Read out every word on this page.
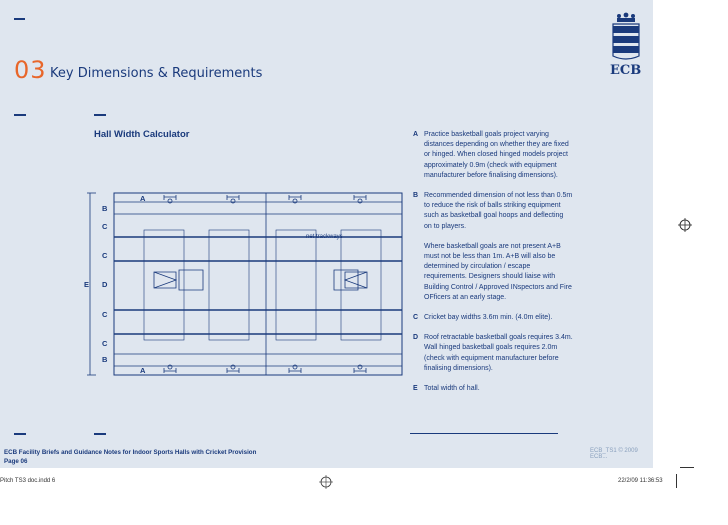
03 Key Dimensions & Requirements	ECB
Hall Width Calculator
A
B
C
C
E D
C
C
B
A
net trackways
A Practice basketball goals project varying distances depending on whether they are fixed or hinged. When closed hinged models project approximately 0.9m (check with equipment manufacturer before finalising dimensions).

B Recommended dimension of not less than 0.5m to reduce the risk of balls striking equipment such as basketball goal hoops and deflecting on to players.

Where basketball goals are not present A+B must not be less than 1m. A+B will also be determined by circulation / escape requirements. Designers should liaise with Building Control / Approved INspectors and Fire OFficers at an early stage.

C Cricket bay widths 3.6m min. (4.0m elite).

D Roof retractable basketball goals requires 3.4m. Wall hinged basketball goals requires 2.0m (check with equipment manufacturer before finalising dimensions).

E Total width of hall.

ECB Facility Briefs and Guidance Notes for Indoor Sports Halls with Cricket Provision
Page 06
ECB_TS1 © 2009 ECB...
Pitch TS3 doc.indd 6	22/2/09 11:36:53
